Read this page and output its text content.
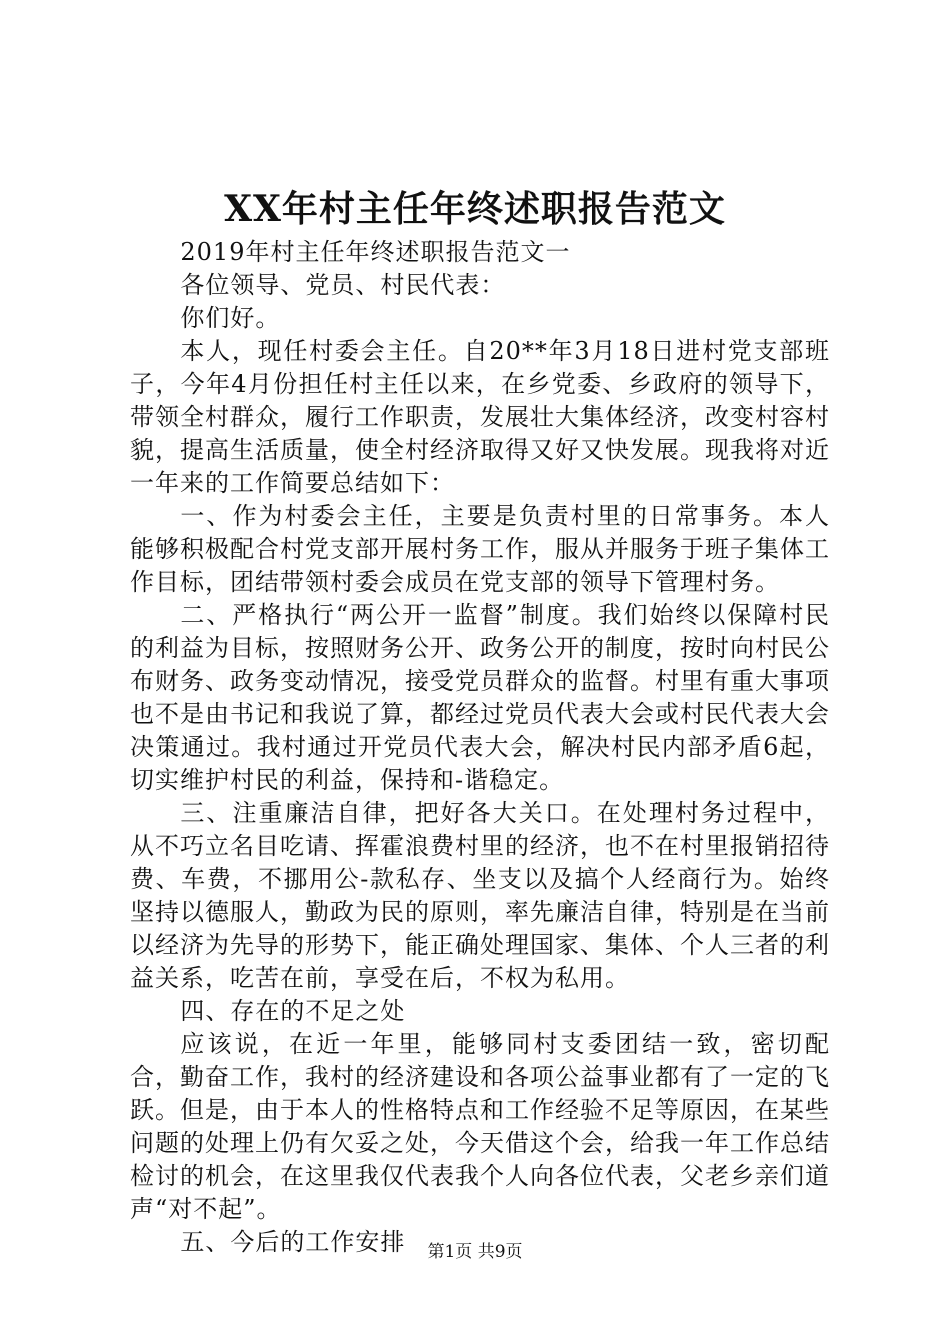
XX年村主任年终述职报告范文

2019年村主任年终述职报告范文一

各位领导、党员、村民代表：

你们好。

本人，现任村委会主任。自20**年3月18日进村党支部班子，今年4月份担任村主任以来，在乡党委、乡政府的领导下，带领全村群众，履行工作职责，发展壮大集体经济，改变村容村貌，提高生活质量，使全村经济取得又好又快发展。现我将对近一年来的工作简要总结如下：

一、作为村委会主任，主要是负责村里的日常事务。本人能够积极配合村党支部开展村务工作，服从并服务于班子集体工作目标，团结带领村委会成员在党支部的领导下管理村务。

二、严格执行“两公开一监督”制度。我们始终以保障村民的利益为目标，按照财务公开、政务公开的制度，按时向村民公布财务、政务变动情况，接受党员群众的监督。村里有重大事项也不是由书记和我说了算，都经过党员代表大会或村民代表大会决策通过。我村通过开党员代表大会，解决村民内部矛盾6起，切实维护村民的利益，保持和-谐稳定。

三、注重廉洁自律，把好各大关口。在处理村务过程中，从不巧立名目吃请、挥霍浪费村里的经济，也不在村里报销招待费、车费，不挪用公-款私存、坐支以及搞个人经商行为。始终坚持以德服人，勤政为民的原则，率先廉洁自律，特别是在当前以经济为先导的形势下，能正确处理国家、集体、个人三者的利益关系，吃苦在前，享受在后，不权为私用。

四、存在的不足之处

应该说，在近一年里，能够同村支委团结一致，密切配合，勤奋工作，我村的经济建设和各项公益事业都有了一定的飞跃。但是，由于本人的性格特点和工作经验不足等原因，在某些问题的处理上仍有欠妥之处，今天借这个会，给我一年工作总结检讨的机会，在这里我仅代表我个人向各位代表，父老乡亲们道声“对不起”。

五、今后的工作安排	第1页 共9页
